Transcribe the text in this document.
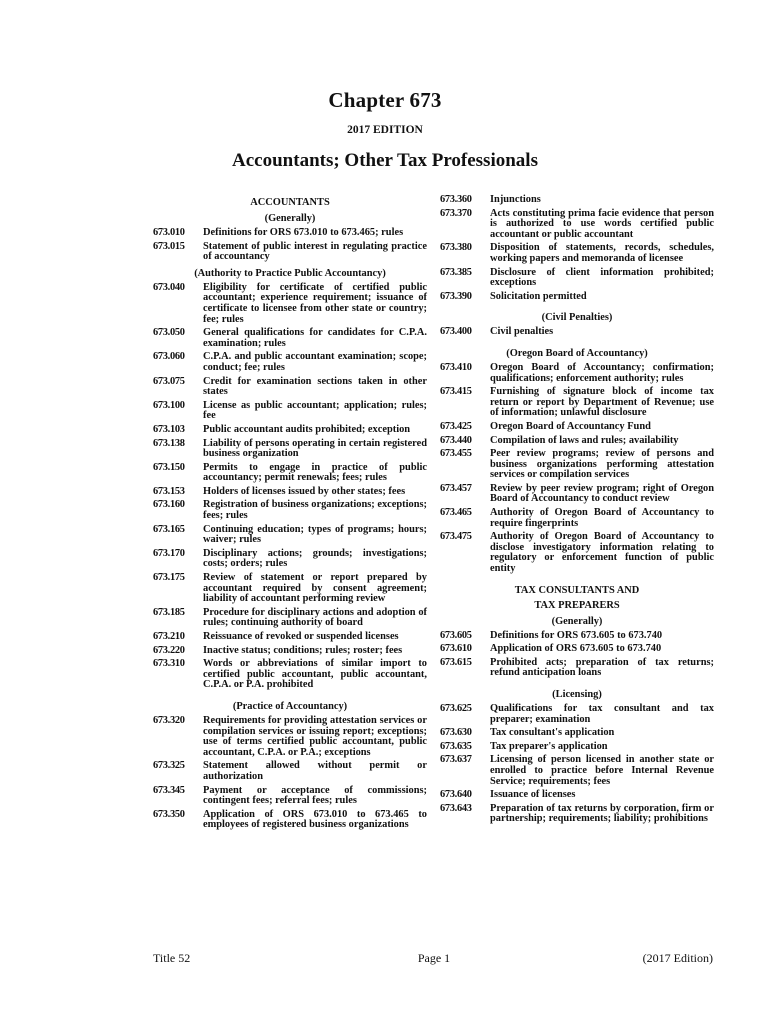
Chapter 673
2017 EDITION
Accountants; Other Tax Professionals
ACCOUNTANTS
(Generally)
673.010	Definitions for ORS 673.010 to 673.465; rules
673.015	Statement of public interest in regulating practice of accountancy
(Authority to Practice Public Accountancy)
673.040	Eligibility for certificate of certified public accountant; experience requirement; issuance of certificate to licensee from other state or country; fee; rules
673.050	General qualifications for candidates for C.P.A. examination; rules
673.060	C.P.A. and public accountant examination; scope; conduct; fee; rules
673.075	Credit for examination sections taken in other states
673.100	License as public accountant; application; rules; fee
673.103	Public accountant audits prohibited; exception
673.138	Liability of persons operating in certain registered business organization
673.150	Permits to engage in practice of public accountancy; permit renewals; fees; rules
673.153	Holders of licenses issued by other states; fees
673.160	Registration of business organizations; exceptions; fees; rules
673.165	Continuing education; types of programs; hours; waiver; rules
673.170	Disciplinary actions; grounds; investigations; costs; orders; rules
673.175	Review of statement or report prepared by accountant required by consent agreement; liability of accountant performing review
673.185	Procedure for disciplinary actions and adoption of rules; continuing authority of board
673.210	Reissuance of revoked or suspended licenses
673.220	Inactive status; conditions; rules; roster; fees
673.310	Words or abbreviations of similar import to certified public accountant, public accountant, C.P.A. or P.A. prohibited
(Practice of Accountancy)
673.320	Requirements for providing attestation services or compilation services or issuing report; exceptions; use of terms certified public accountant, public accountant, C.P.A. or P.A.; exceptions
673.325	Statement allowed without permit or authorization
673.345	Payment or acceptance of commissions; contingent fees; referral fees; rules
673.350	Application of ORS 673.010 to 673.465 to employees of registered business organizations
673.360	Injunctions
673.370	Acts constituting prima facie evidence that person is authorized to use words certified public accountant or public accountant
673.380	Disposition of statements, records, schedules, working papers and memoranda of licensee
673.385	Disclosure of client information prohibited; exceptions
673.390	Solicitation permitted
(Civil Penalties)
673.400	Civil penalties
(Oregon Board of Accountancy)
673.410	Oregon Board of Accountancy; confirmation; qualifications; enforcement authority; rules
673.415	Furnishing of signature block of income tax return or report by Department of Revenue; use of information; unlawful disclosure
673.425	Oregon Board of Accountancy Fund
673.440	Compilation of laws and rules; availability
673.455	Peer review programs; review of persons and business organizations performing attestation services or compilation services
673.457	Review by peer review program; right of Oregon Board of Accountancy to conduct review
673.465	Authority of Oregon Board of Accountancy to require fingerprints
673.475	Authority of Oregon Board of Accountancy to disclose investigatory information relating to regulatory or enforcement function of public entity
TAX CONSULTANTS AND
TAX PREPARERS
(Generally)
673.605	Definitions for ORS 673.605 to 673.740
673.610	Application of ORS 673.605 to 673.740
673.615	Prohibited acts; preparation of tax returns; refund anticipation loans
(Licensing)
673.625	Qualifications for tax consultant and tax preparer; examination
673.630	Tax consultant's application
673.635	Tax preparer's application
673.637	Licensing of person licensed in another state or enrolled to practice before Internal Revenue Service; requirements; fees
673.640	Issuance of licenses
673.643	Preparation of tax returns by corporation, firm or partnership; requirements; liability; prohibitions
Title 52	Page 1	(2017 Edition)
